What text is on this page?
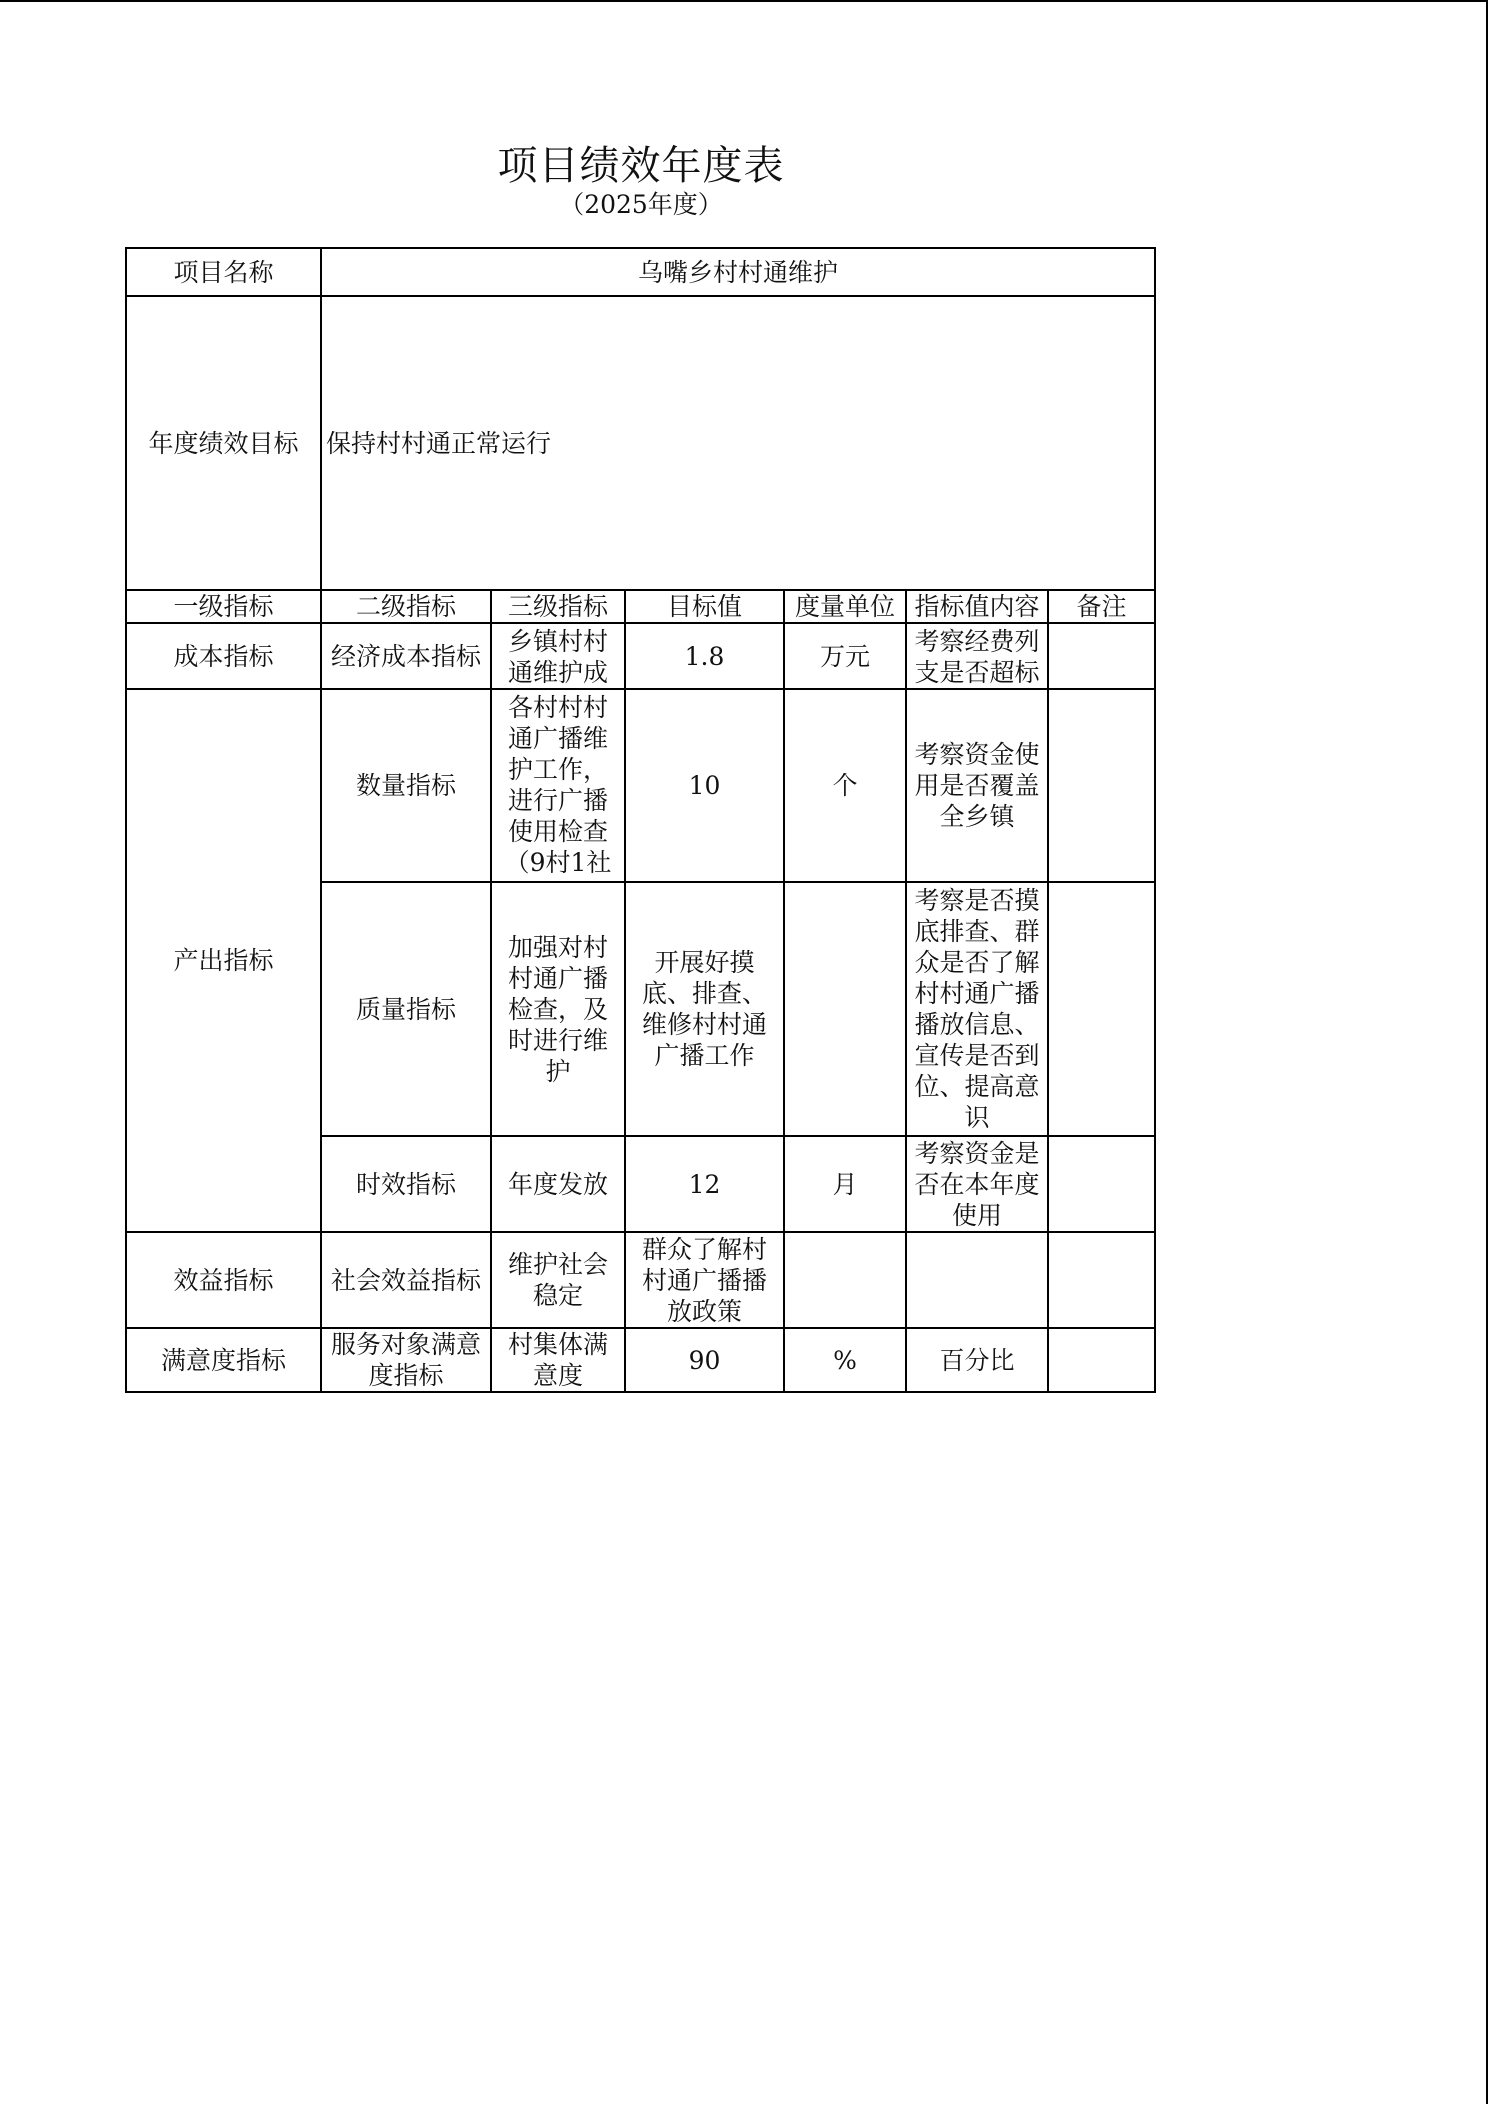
项目绩效年度表
（2025年度）
项目名称	乌嘴乡村村通维护					
年度绩效目标	保持村村通正常运行					
一级指标	二级指标	三级指标	目标值	度量单位	指标值内容	备注
成本指标	经济成本指标	乡镇村村通维护成	1.8	万元	考察经费列支是否超标	

产出指标	数量指标	各村村村通广播维护工作，进行广播使用检查（9村1社	10	个	考察资金使用是否覆盖全乡镇	
	质量指标	加强对村村通广播检查，及时进行维护	开展好摸底、排查、维修村村通广播工作		考察是否摸底排查、群众是否了解村村通广播播放信息、宣传是否到位、提高意识	

	时效指标	年度发放	12	月	考察资金是否在本年度使用	
效益指标	社会效益指标	维护社会稳定	群众了解村村通广播播放政策			
满意度指标	服务对象满意度指标	村集体满意度	90	%	百分比	
